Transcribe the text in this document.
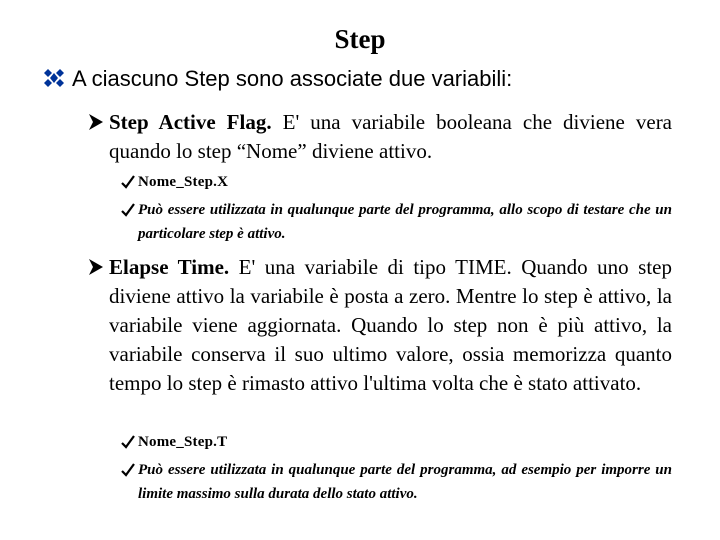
Step
A ciascuno Step sono associate due variabili:
Step Active Flag. E' una variabile booleana che diviene vera quando lo step “Nome” diviene attivo.
Nome_Step.X
Può essere utilizzata in qualunque parte del programma, allo scopo di testare che un particolare step è attivo.
Elapse Time. E' una variabile di tipo TIME. Quando uno step diviene attivo la variabile è posta a zero. Mentre lo step è attivo, la variabile viene aggiornata. Quando lo step non è più attivo, la variabile conserva il suo ultimo valore, ossia memorizza quanto tempo lo step è rimasto attivo l'ultima volta che è stato attivato.
Nome_Step.T
Può essere utilizzata in qualunque parte del programma, ad esempio per imporre un limite massimo sulla durata dello stato attivo.
